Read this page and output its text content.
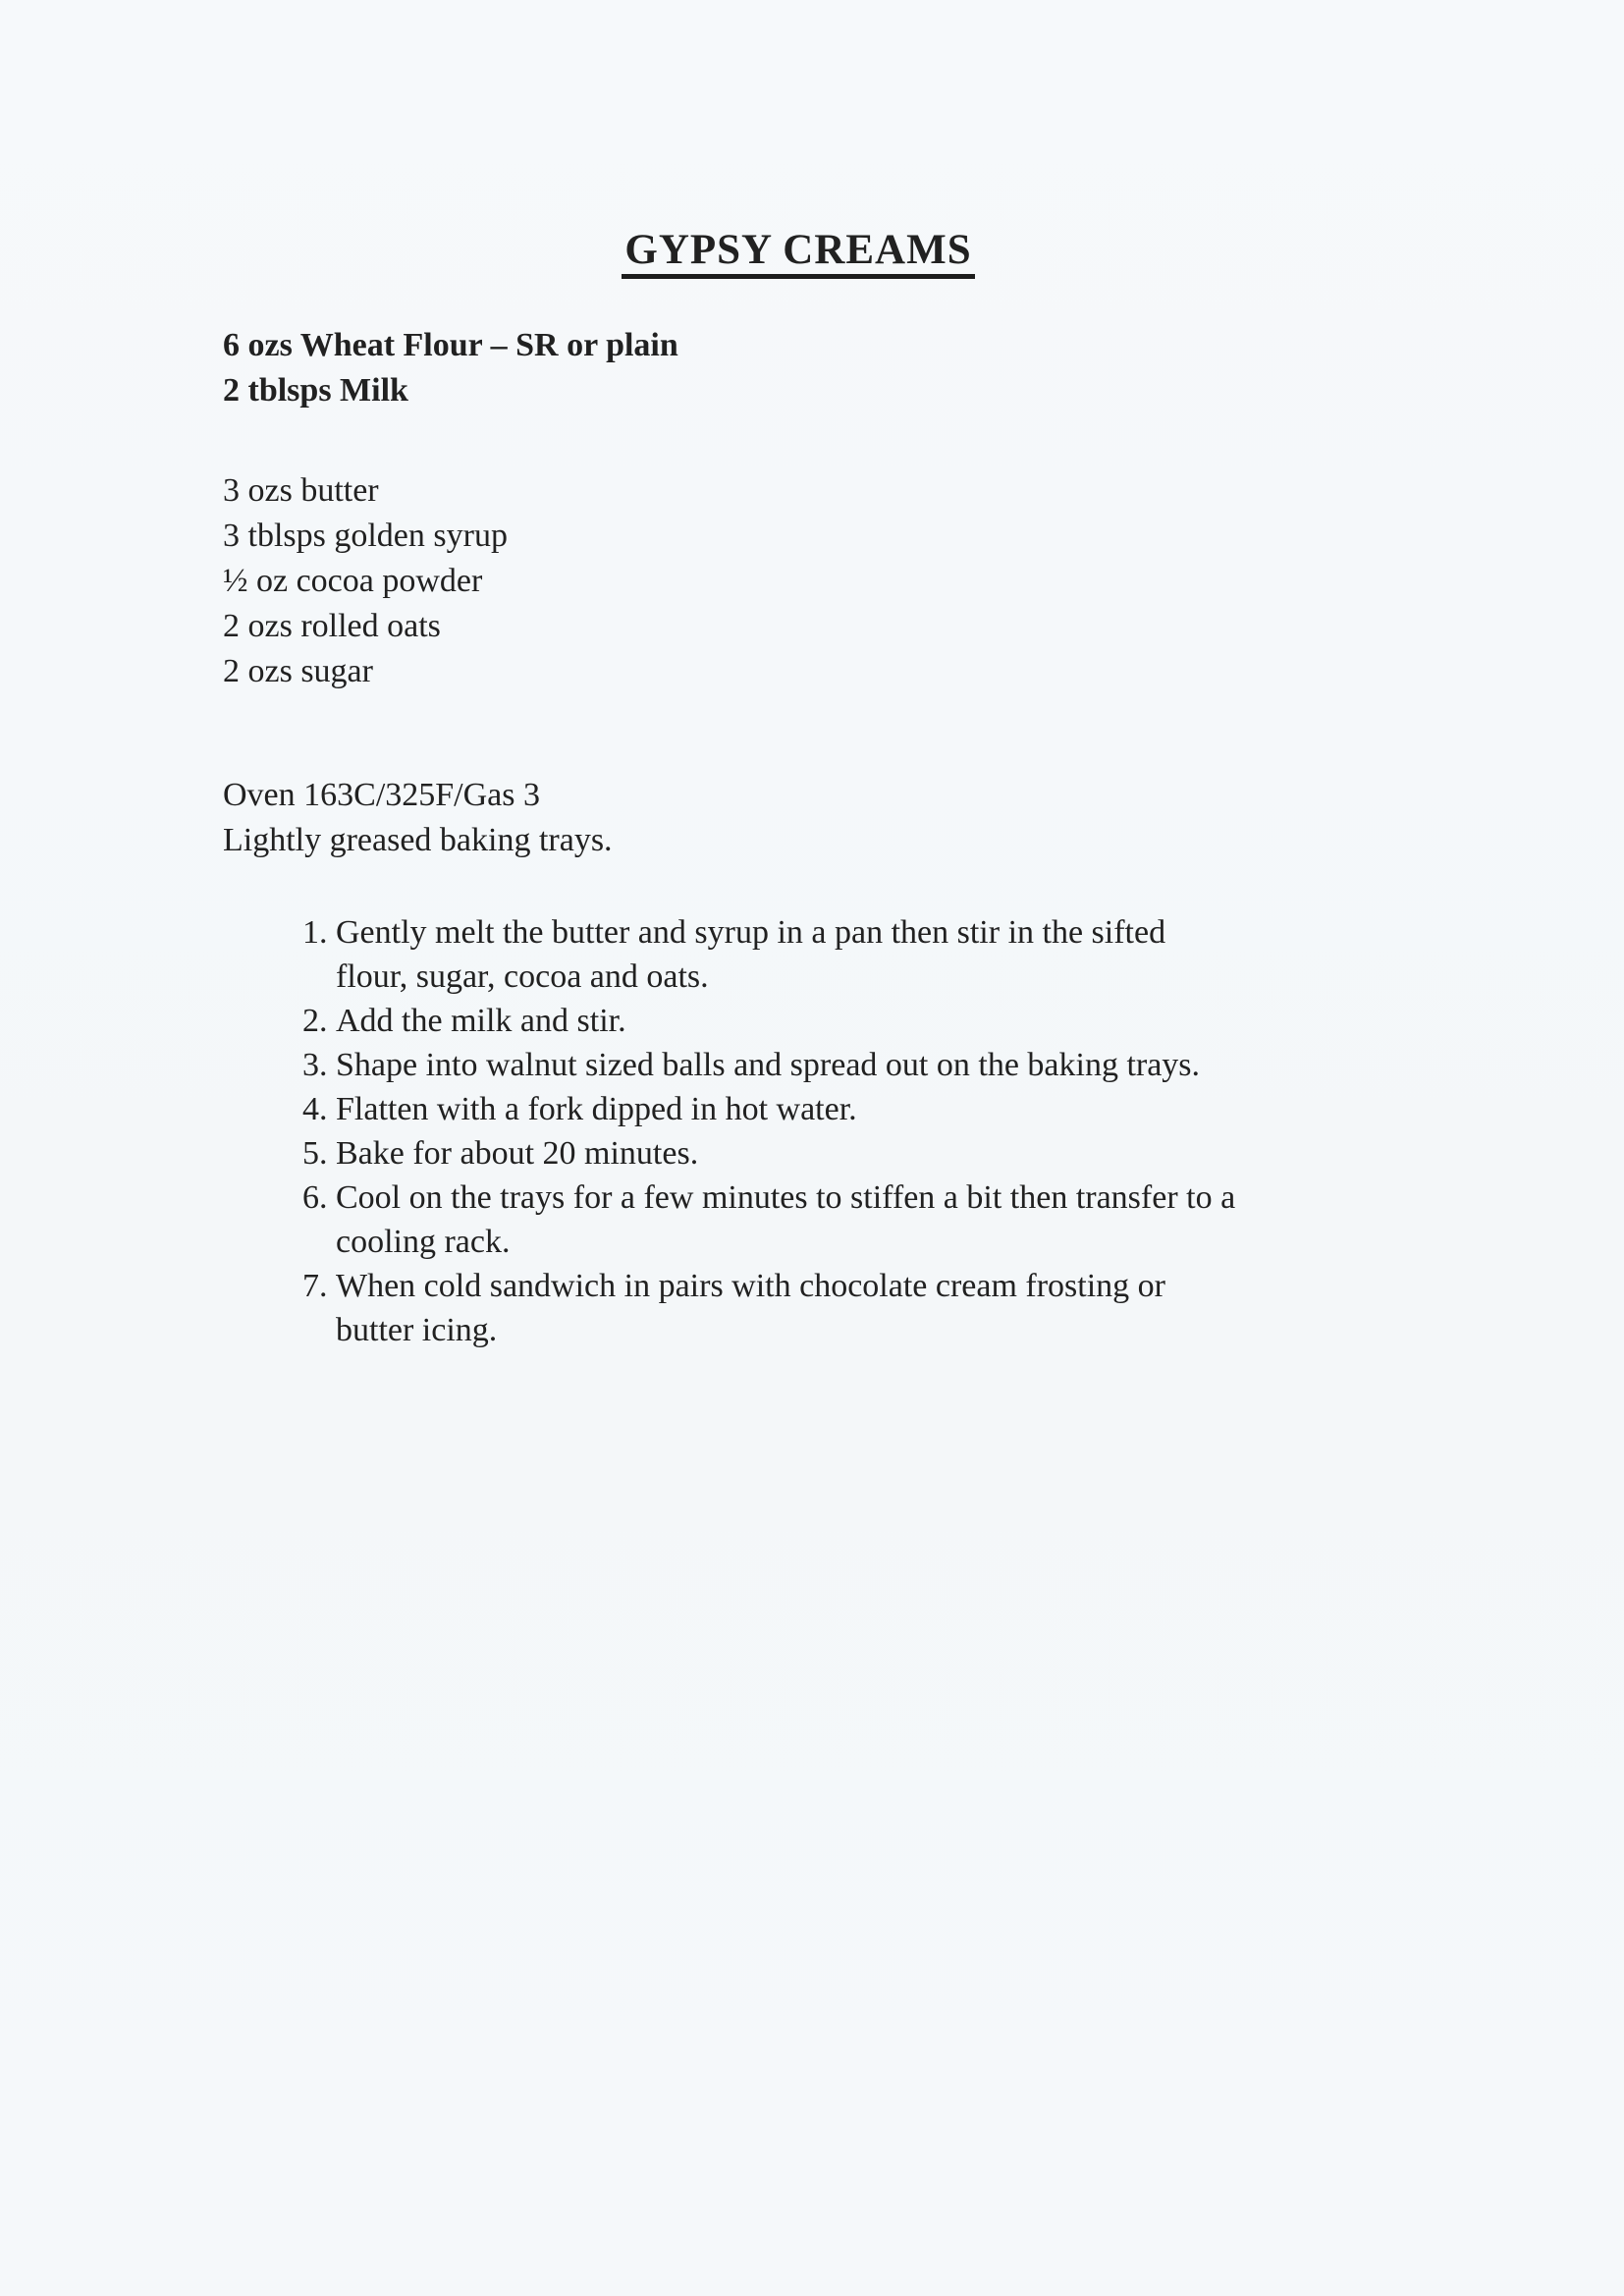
GYPSY CREAMS
6 ozs Wheat Flour – SR or plain
2 tblsps Milk
3 ozs butter
3 tblsps golden syrup
½ oz cocoa powder
2 ozs rolled oats
2 ozs sugar
Oven 163C/325F/Gas 3
Lightly greased baking trays.
1. Gently melt the butter and syrup in a pan then stir in the sifted
flour, sugar, cocoa and oats.
2. Add the milk and stir.
3. Shape into walnut sized balls and spread out on the baking trays.
4. Flatten with a fork dipped in hot water.
5. Bake for about 20 minutes.
6. Cool on the trays for a few minutes to stiffen a bit then transfer to a
cooling rack.
7. When cold sandwich in pairs with chocolate cream frosting or
butter icing.
